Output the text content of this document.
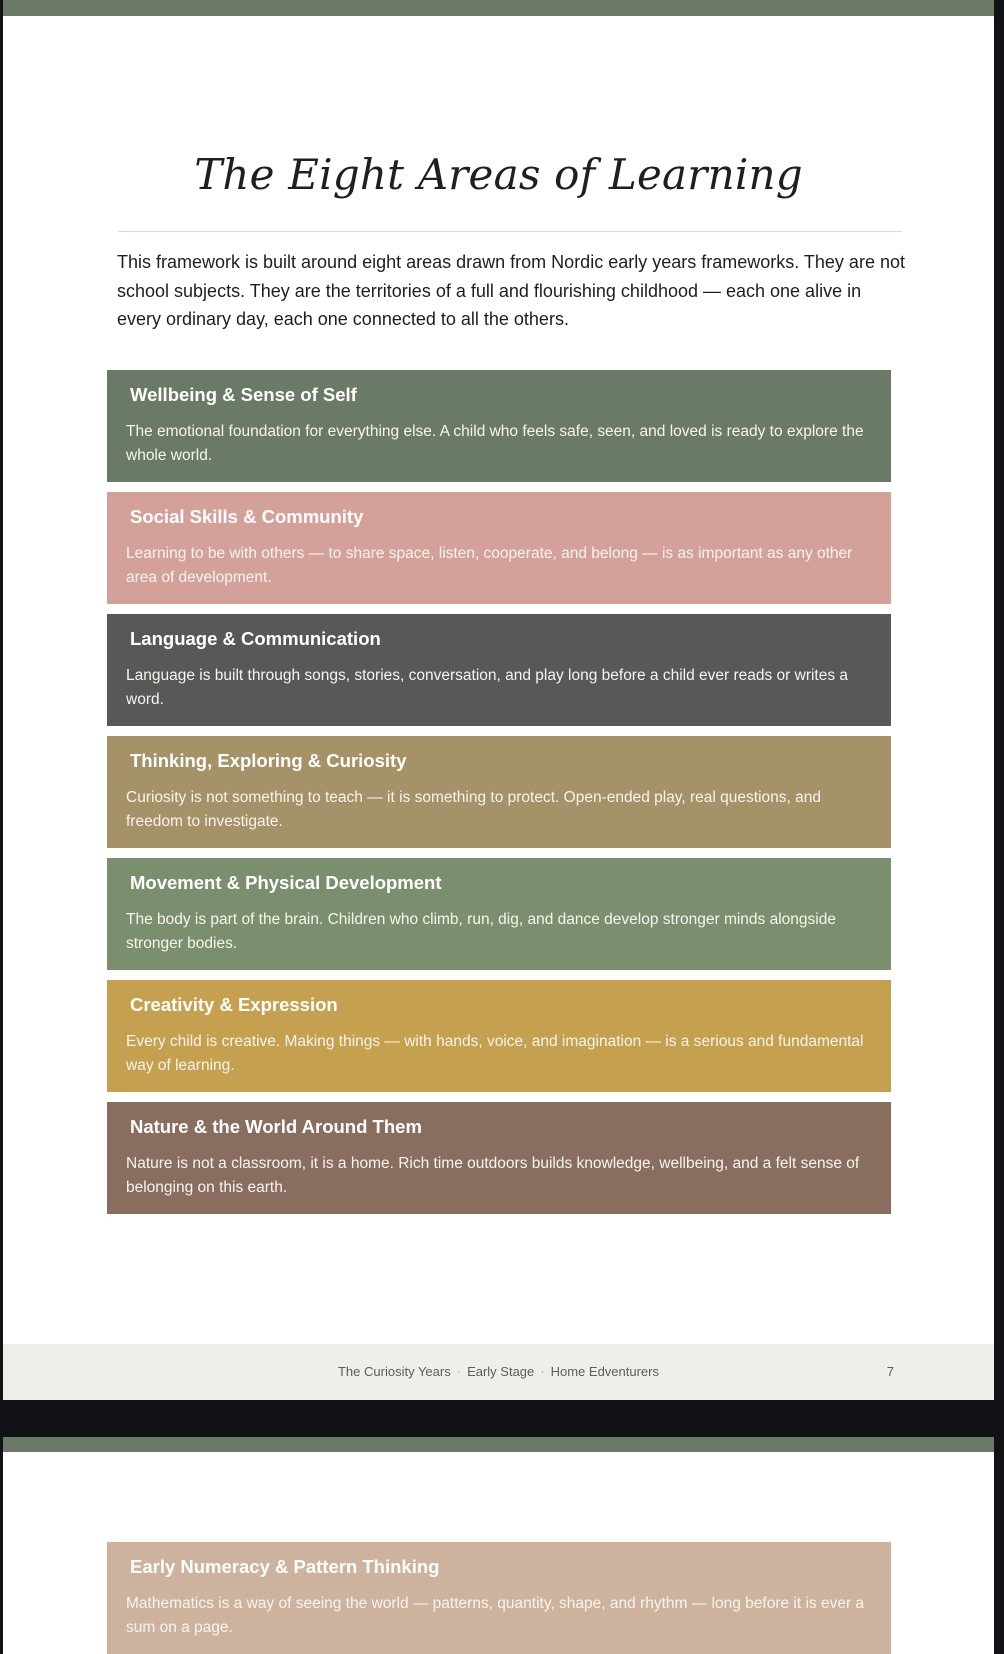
The Eight Areas of Learning
This framework is built around eight areas drawn from Nordic early years frameworks. They are not school subjects. They are the territories of a full and flourishing childhood — each one alive in every ordinary day, each one connected to all the others.
Wellbeing & Sense of Self
The emotional foundation for everything else. A child who feels safe, seen, and loved is ready to explore the whole world.
Social Skills & Community
Learning to be with others — to share space, listen, cooperate, and belong — is as important as any other area of development.
Language & Communication
Language is built through songs, stories, conversation, and play long before a child ever reads or writes a word.
Thinking, Exploring & Curiosity
Curiosity is not something to teach — it is something to protect. Open-ended play, real questions, and freedom to investigate.
Movement & Physical Development
The body is part of the brain. Children who climb, run, dig, and dance develop stronger minds alongside stronger bodies.
Creativity & Expression
Every child is creative. Making things — with hands, voice, and imagination — is a serious and fundamental way of learning.
Nature & the World Around Them
Nature is not a classroom, it is a home. Rich time outdoors builds knowledge, wellbeing, and a felt sense of belonging on this earth.
The Curiosity Years · Early Stage · Home Edventurers	7
Early Numeracy & Pattern Thinking
Mathematics is a way of seeing the world — patterns, quantity, shape, and rhythm — long before it is ever a sum on a page.
